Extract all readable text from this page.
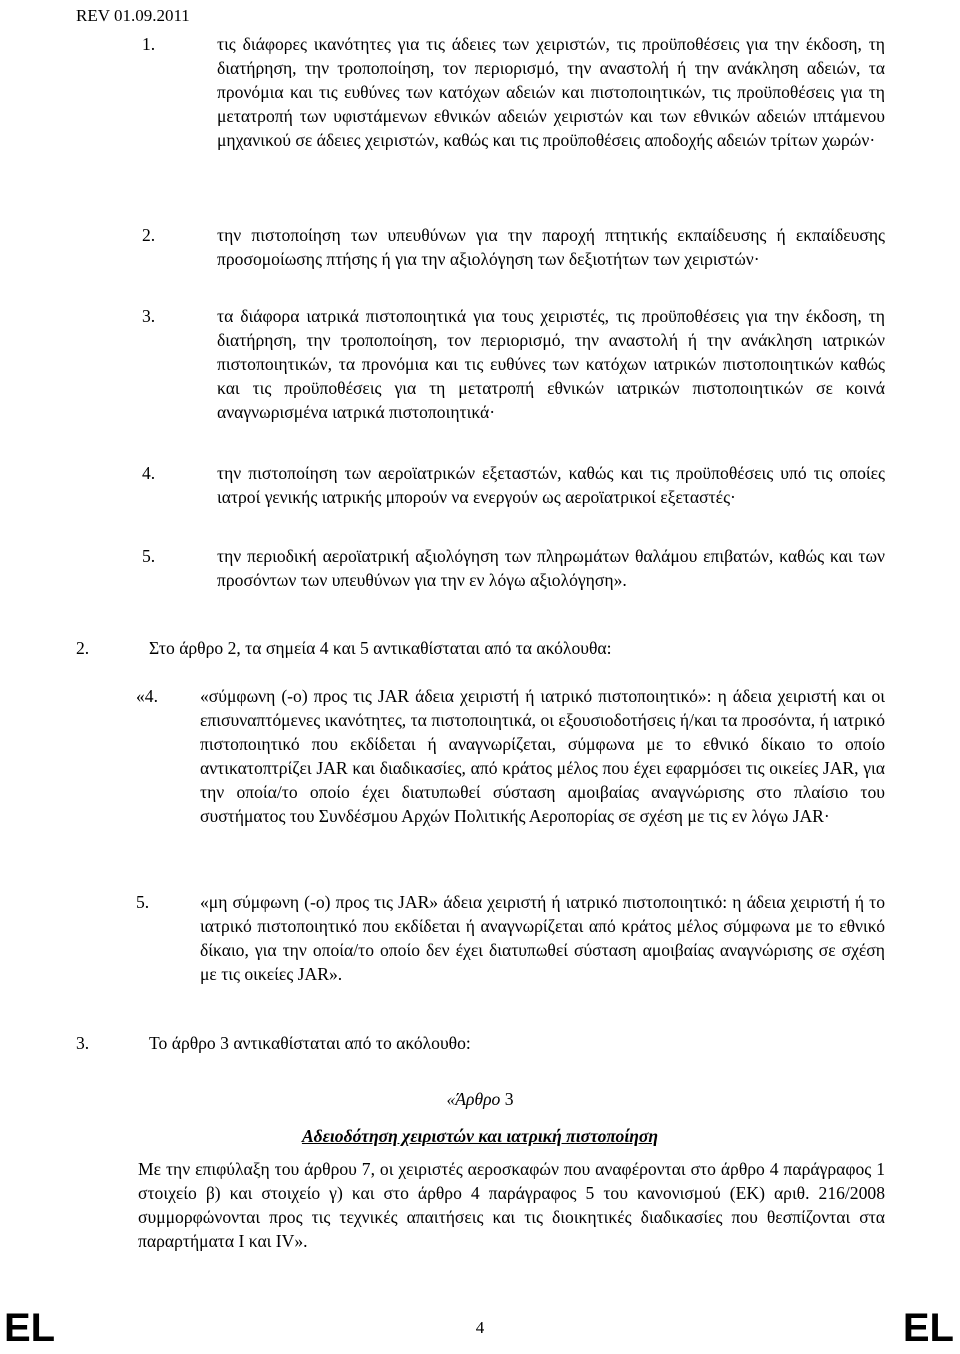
REV 01.09.2011
1.	τις διάφορες ικανότητες για τις άδειες των χειριστών, τις προϋποθέσεις για την έκδοση, τη διατήρηση, την τροποποίηση, τον περιορισμό, την αναστολή ή την ανάκληση αδειών, τα προνόμια και τις ευθύνες των κατόχων αδειών και πιστοποιητικών, τις προϋποθέσεις για τη μετατροπή των υφιστάμενων εθνικών αδειών χειριστών και των εθνικών αδειών ιπτάμενου μηχανικού σε άδειες χειριστών, καθώς και τις προϋποθέσεις αποδοχής αδειών τρίτων χωρών·
2.	την πιστοποίηση των υπευθύνων για την παροχή πτητικής εκπαίδευσης ή εκπαίδευσης προσομοίωσης πτήσης ή για την αξιολόγηση των δεξιοτήτων των χειριστών·
3.	τα διάφορα ιατρικά πιστοποιητικά για τους χειριστές, τις προϋποθέσεις για την έκδοση, τη διατήρηση, την τροποποίηση, τον περιορισμό, την αναστολή ή την ανάκληση ιατρικών πιστοποιητικών, τα προνόμια και τις ευθύνες των κατόχων ιατρικών πιστοποιητικών καθώς και τις προϋποθέσεις για τη μετατροπή εθνικών ιατρικών πιστοποιητικών σε κοινά αναγνωρισμένα ιατρικά πιστοποιητικά·
4.	την πιστοποίηση των αεροϊατρικών εξεταστών, καθώς και τις προϋποθέσεις υπό τις οποίες ιατροί γενικής ιατρικής μπορούν να ενεργούν ως αεροϊατρικοί εξεταστές·
5.	την περιοδική αεροϊατρική αξιολόγηση των πληρωμάτων θαλάμου επιβατών, καθώς και των προσόντων των υπευθύνων για την εν λόγω αξιολόγηση».
2.	Στο άρθρο 2, τα σημεία 4 και 5 αντικαθίσταται από τα ακόλουθα:
«4. «σύμφωνη (-ο) προς τις JAR άδεια χειριστή ή ιατρικό πιστοποιητικό»: η άδεια χειριστή και οι επισυναπτόμενες ικανότητες, τα πιστοποιητικά, οι εξουσιοδοτήσεις ή/και τα προσόντα, ή ιατρικό πιστοποιητικό που εκδίδεται ή αναγνωρίζεται, σύμφωνα με το εθνικό δίκαιο το οποίο αντικατοπτρίζει JAR και διαδικασίες, από κράτος μέλος που έχει εφαρμόσει τις οικείες JAR, για την οποία/το οποίο έχει διατυπωθεί σύσταση αμοιβαίας αναγνώρισης στο πλαίσιο του συστήματος του Συνδέσμου Αρχών Πολιτικής Αεροπορίας σε σχέση με τις εν λόγω JAR·
5.	«μη σύμφωνη (-ο) προς τις JAR» άδεια χειριστή ή ιατρικό πιστοποιητικό: η άδεια χειριστή ή το ιατρικό πιστοποιητικό που εκδίδεται ή αναγνωρίζεται από κράτος μέλος σύμφωνα με το εθνικό δίκαιο, για την οποία/το οποίο δεν έχει διατυπωθεί σύσταση αμοιβαίας αναγνώρισης σε σχέση με τις οικείες JAR».
3.	Το άρθρο 3 αντικαθίσταται από το ακόλουθο:
«Άρθρο 3
Αδειοδότηση χειριστών και ιατρική πιστοποίηση
Με την επιφύλαξη του άρθρου 7, οι χειριστές αεροσκαφών που αναφέρονται στο άρθρο 4 παράγραφος 1 στοιχείο β) και στοιχείο γ) και στο άρθρο 4 παράγραφος 5 του κανονισμού (ΕΚ) αριθ. 216/2008 συμμορφώνονται προς τις τεχνικές απαιτήσεις και τις διοικητικές διαδικασίες που θεσπίζονται στα παραρτήματα I και IV».
EL	4	EL
